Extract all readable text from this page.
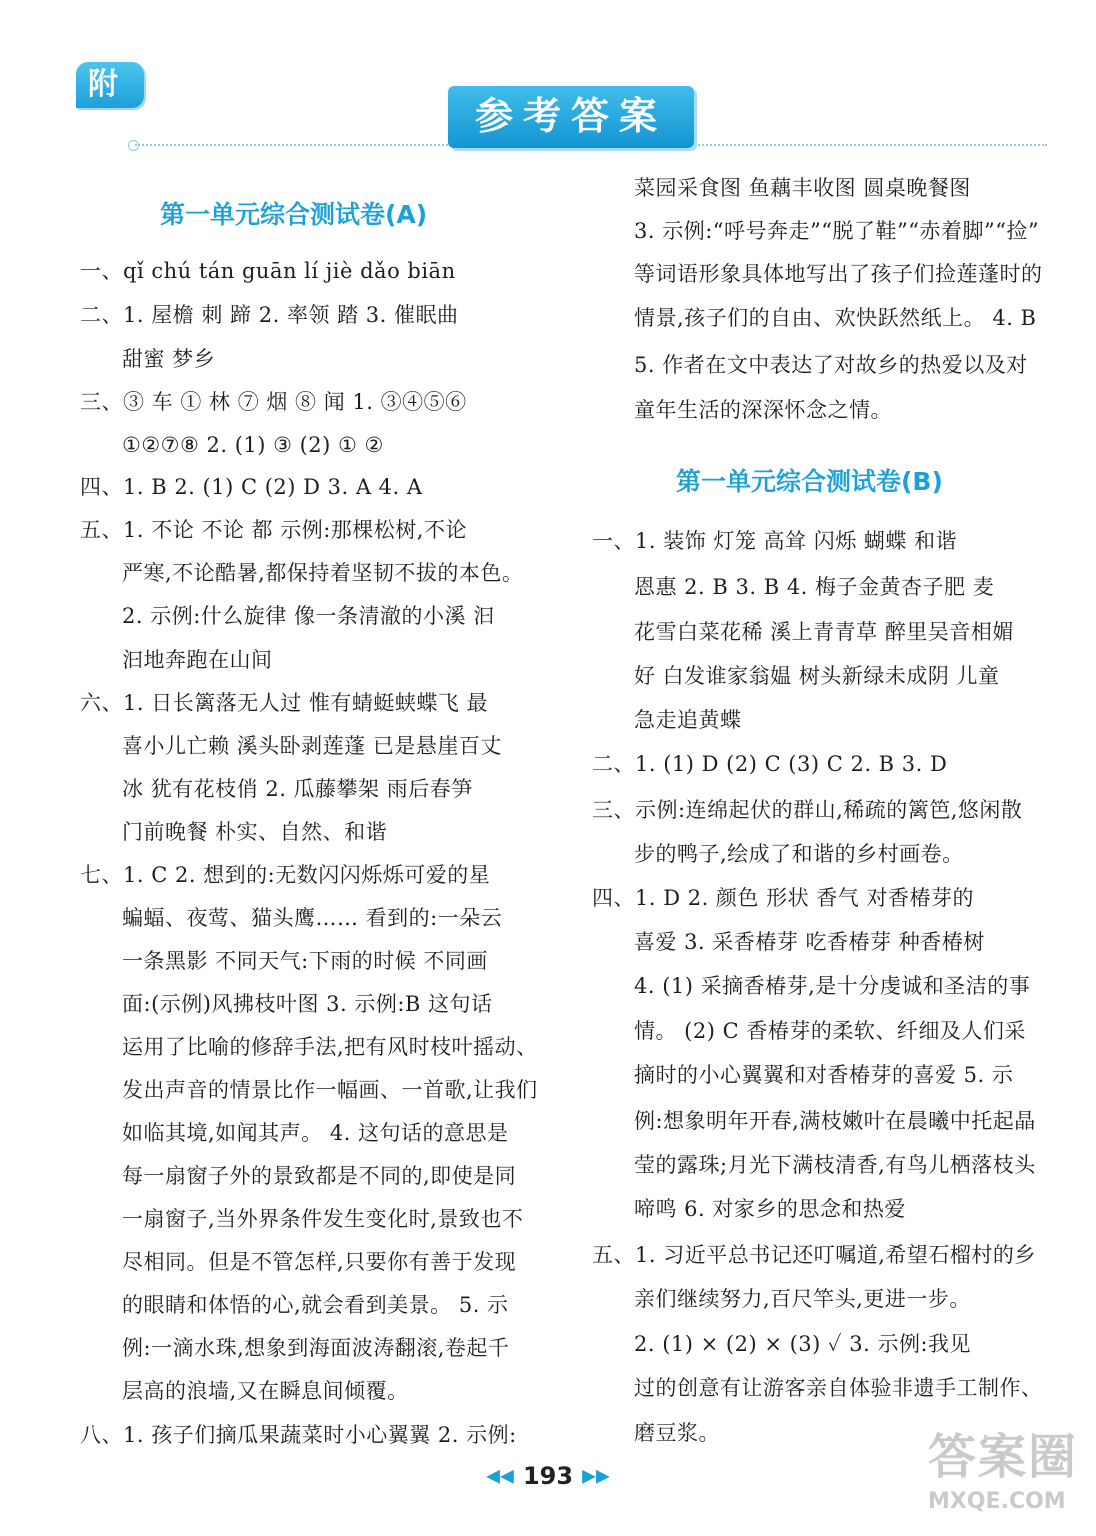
附
参考答案
第一单元综合测试卷(A)
一、qǐ chú tán guān lí jiè dǎo biān
二、1. 屋檐 刺 蹄 2. 率领 踏 3. 催眠曲
甜蜜 梦乡
三、③ 车 ① 林 ⑦ 烟 ⑧ 闻 1. ③④⑤⑥
①②⑦⑧ 2. (1) ③ (2) ① ②
四、1. B 2. (1) C (2) D 3. A 4. A
五、1. 不论 不论 都 示例:那棵松树,不论
严寒,不论酷暑,都保持着坚韧不拔的本色。
2. 示例:什么旋律 像一条清澈的小溪 汩
汩地奔跑在山间
六、1. 日长篱落无人过 惟有蜻蜓蛱蝶飞 最
喜小儿亡赖 溪头卧剥莲蓬 已是悬崖百丈
冰 犹有花枝俏 2. 瓜藤攀架 雨后春笋
门前晚餐 朴实、自然、和谐
七、1. C 2. 想到的:无数闪闪烁烁可爱的星
蝙蝠、夜莺、猫头鹰…… 看到的:一朵云
一条黑影 不同天气:下雨的时候 不同画
面:(示例)风拂枝叶图 3. 示例:B 这句话
运用了比喻的修辞手法,把有风时枝叶摇动、
发出声音的情景比作一幅画、一首歌,让我们
如临其境,如闻其声。 4. 这句话的意思是
每一扇窗子外的景致都是不同的,即使是同
一扇窗子,当外界条件发生变化时,景致也不
尽相同。但是不管怎样,只要你有善于发现
的眼睛和体悟的心,就会看到美景。 5. 示
例:一滴水珠,想象到海面波涛翻滚,卷起千
层高的浪墙,又在瞬息间倾覆。
八、1. 孩子们摘瓜果蔬菜时小心翼翼 2. 示例:
菜园采食图 鱼藕丰收图 圆桌晚餐图
3. 示例:“呼号奔走”“脱了鞋”“赤着脚”“捡”
等词语形象具体地写出了孩子们捡莲蓬时的
情景,孩子们的自由、欢快跃然纸上。 4. B
5. 作者在文中表达了对故乡的热爱以及对
童年生活的深深怀念之情。
第一单元综合测试卷(B)
一、1. 装饰 灯笼 高耸 闪烁 蝴蝶 和谐
恩惠 2. B 3. B 4. 梅子金黄杏子肥 麦
花雪白菜花稀 溪上青青草 醉里吴音相媚
好 白发谁家翁媪 树头新绿未成阴 儿童
急走追黄蝶
二、1. (1) D (2) C (3) C 2. B 3. D
三、示例:连绵起伏的群山,稀疏的篱笆,悠闲散
步的鸭子,绘成了和谐的乡村画卷。
四、1. D 2. 颜色 形状 香气 对香椿芽的
喜爱 3. 采香椿芽 吃香椿芽 种香椿树
4. (1) 采摘香椿芽,是十分虔诚和圣洁的事
情。 (2) C 香椿芽的柔软、纤细及人们采
摘时的小心翼翼和对香椿芽的喜爱 5. 示
例:想象明年开春,满枝嫩叶在晨曦中托起晶
莹的露珠;月光下满枝清香,有鸟儿栖落枝头
啼鸣 6. 对家乡的思念和热爱
五、1. 习近平总书记还叮嘱道,希望石榴村的乡
亲们继续努力,百尺竿头,更进一步。
2. (1) × (2) × (3) ✓ 3. 示例:我见
过的创意有让游客亲自体验非遗手工制作、
磨豆浆。
◀◀ 193 ▶▶	答案圈
MXQE.COM
